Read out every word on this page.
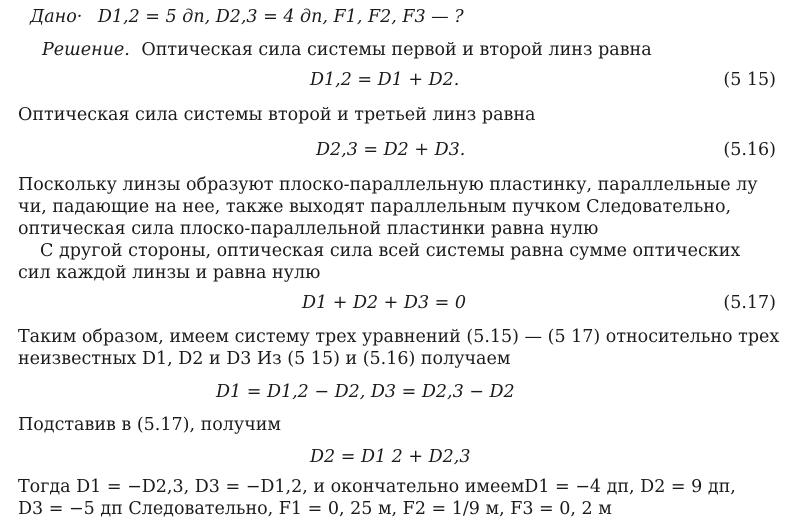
Дано· D1,2 = 5 дп, D2,3 = 4 дп, F1, F2, F3 — ?
Решение. Оптическая сила системы первой и второй линз равна
D1,2 = D1 + D2.	(5 15)
Оптическая сила системы второй и третьей линз равна
D2,3 = D2 + D3.	(5.16)
Поскольку линзы образуют плоско-параллельную пластинку, параллельные лу
чи, падающие на нее, также выходят параллельным пучком Следовательно,
оптическая сила плоско-параллельной пластинки равна нулю
С другой стороны, оптическая сила всей системы равна сумме оптических
сил каждой линзы и равна нулю
D1 + D2 + D3 = 0	(5.17)
Таким образом, имеем систему трех уравнений (5.15) — (5 17) относительно трех
неизвестных D1, D2 и D3 Из (5 15) и (5.16) получаем
D1 = D1,2 − D2, D3 = D2,3 − D2
Подставив в (5.17), получим
D2 = D1 2 + D2,3
Тогда D1 = −D2,3, D3 = −D1,2, и окончательно имеемD1 = −4 дп, D2 = 9 дп,
D3 = −5 дп Следовательно, F1 = 0, 25 м, F2 = 1/9 м, F3 = 0, 2 м
